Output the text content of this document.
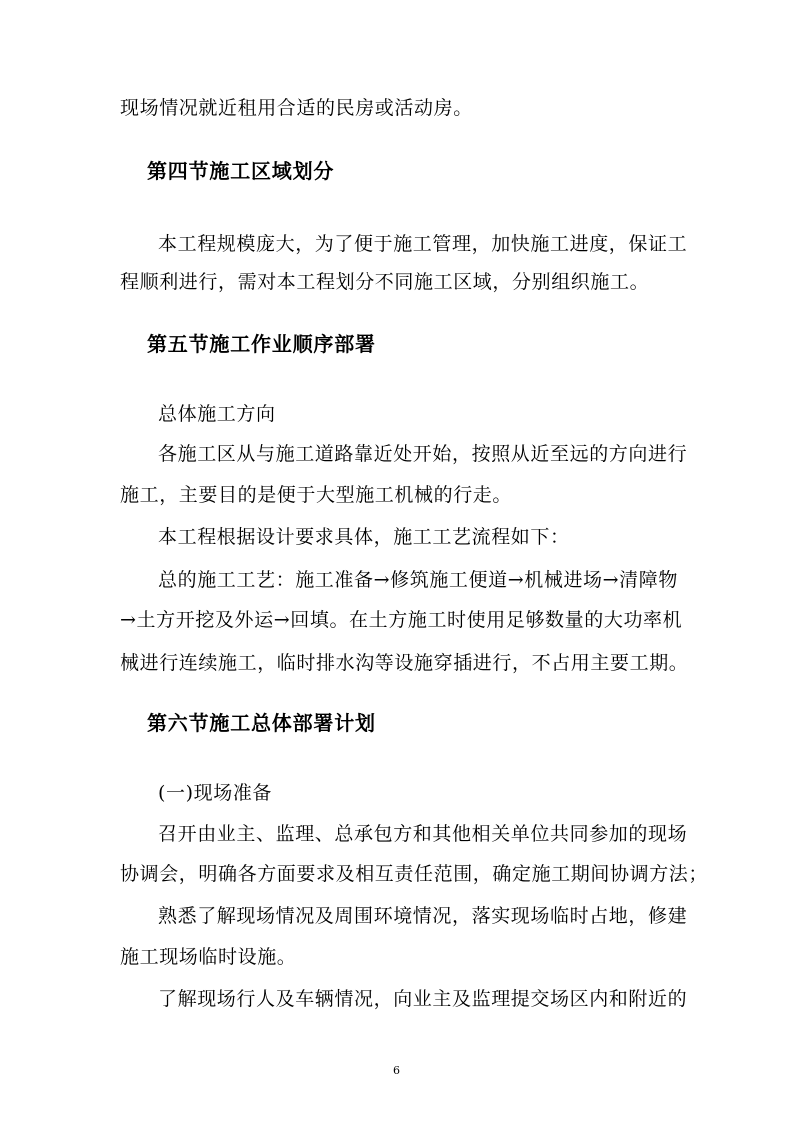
现场情况就近租用合适的民房或活动房。
第四节施工区域划分
本工程规模庞大，为了便于施工管理，加快施工进度，保证工
程顺利进行，需对本工程划分不同施工区域，分别组织施工。
第五节施工作业顺序部署
总体施工方向
各施工区从与施工道路靠近处开始，按照从近至远的方向进行
施工，主要目的是便于大型施工机械的行走。
本工程根据设计要求具体，施工工艺流程如下：
总的施工工艺：施工准备→修筑施工便道→机械进场→清障物
→土方开挖及外运→回填。在土方施工时使用足够数量的大功率机
械进行连续施工，临时排水沟等设施穿插进行，不占用主要工期。
第六节施工总体部署计划
(一)现场准备
召开由业主、监理、总承包方和其他相关单位共同参加的现场
协调会，明确各方面要求及相互责任范围，确定施工期间协调方法；
熟悉了解现场情况及周围环境情况，落实现场临时占地，修建
施工现场临时设施。
了解现场行人及车辆情况，向业主及监理提交场区内和附近的
6
